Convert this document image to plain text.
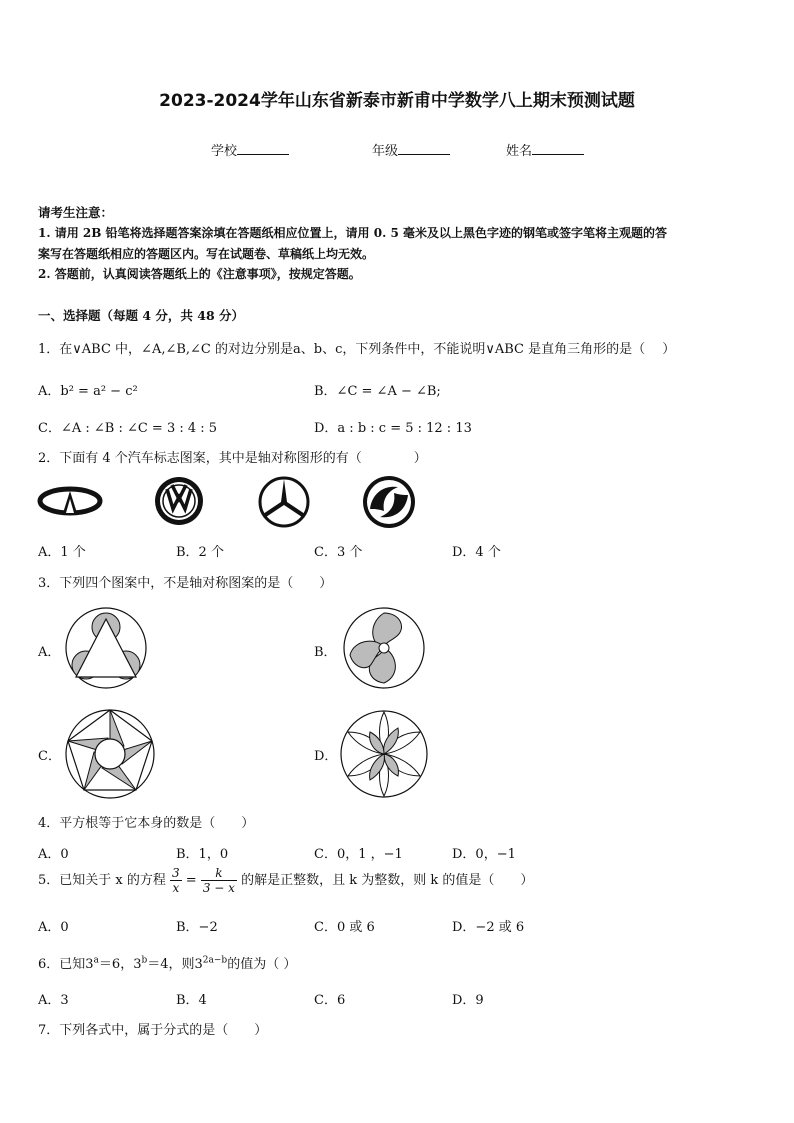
2023-2024学年山东省新泰市新甫中学数学八上期末预测试题
学校	年级	姓名
请考生注意：
1. 请用 2B 铅笔将选择题答案涂填在答题纸相应位置上，请用 0. 5 毫米及以上黑色字迹的钢笔或签字笔将主观题的答
案写在答题纸相应的答题区内。写在试题卷、草稿纸上均无效。
2. 答题前，认真阅读答题纸上的《注意事项》，按规定答题。
一、选择题（每题 4 分，共 48 分）
1．在∨ABC 中，∠A,∠B,∠C 的对边分别是a、b、c，下列条件中，不能说明∨ABC 是直角三角形的是（　 ）
A．b² = a² − c²	B．∠C = ∠A − ∠B;
C．∠A : ∠B : ∠C = 3 : 4 : 5	D．a : b : c = 5 : 12 : 13
2．下面有 4 个汽车标志图案，其中是轴对称图形的有（　　　　）
A．1 个	B．2 个	C．3 个	D．4 个
3．下列四个图案中，不是轴对称图案的是（　　）
A．	B．
C．	D．
4．平方根等于它本身的数是（　　）
A．0	B．1，0	C．0，1 ，−1	D．0，−1
5．已知关于 x 的方程 $\frac{3}{x} = \frac{k}{3 - x}$ 的解是正整数，且 k 为整数，则 k 的值是（　　）
A．0	B．−2	C．0 或 6	D．−2 或 6
6．已知$3^a=6$，$3^b=4$，则$3^{2a-b}$的值为（ ）
A．3	B．4	C．6	D．9
7．下列各式中，属于分式的是（　　）
